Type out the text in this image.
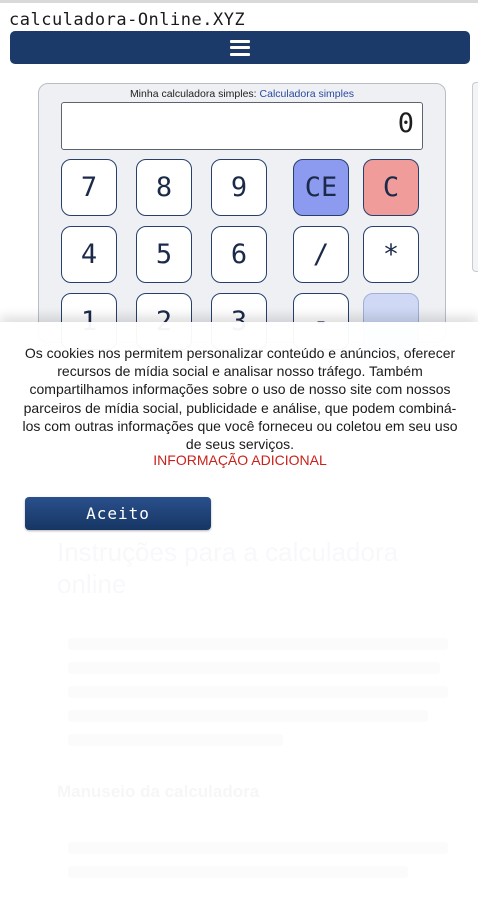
calculadora-Online.XYZ
Minha calculadora simples: Calculadora simples
0
7	8	9	CE	C
4	5	6	/	*
Os cookies nos permitem personalizar conteúdo e anúncios, oferecer recursos de mídia social e analisar nosso tráfego. Também compartilhamos informações sobre o uso de nosso site com nossos parceiros de mídia social, publicidade e análise, que podem combiná-los com outras informações que você forneceu ou coletou em seu uso de seus serviços.
INFORMAÇÃO ADICIONAL
Aceito
